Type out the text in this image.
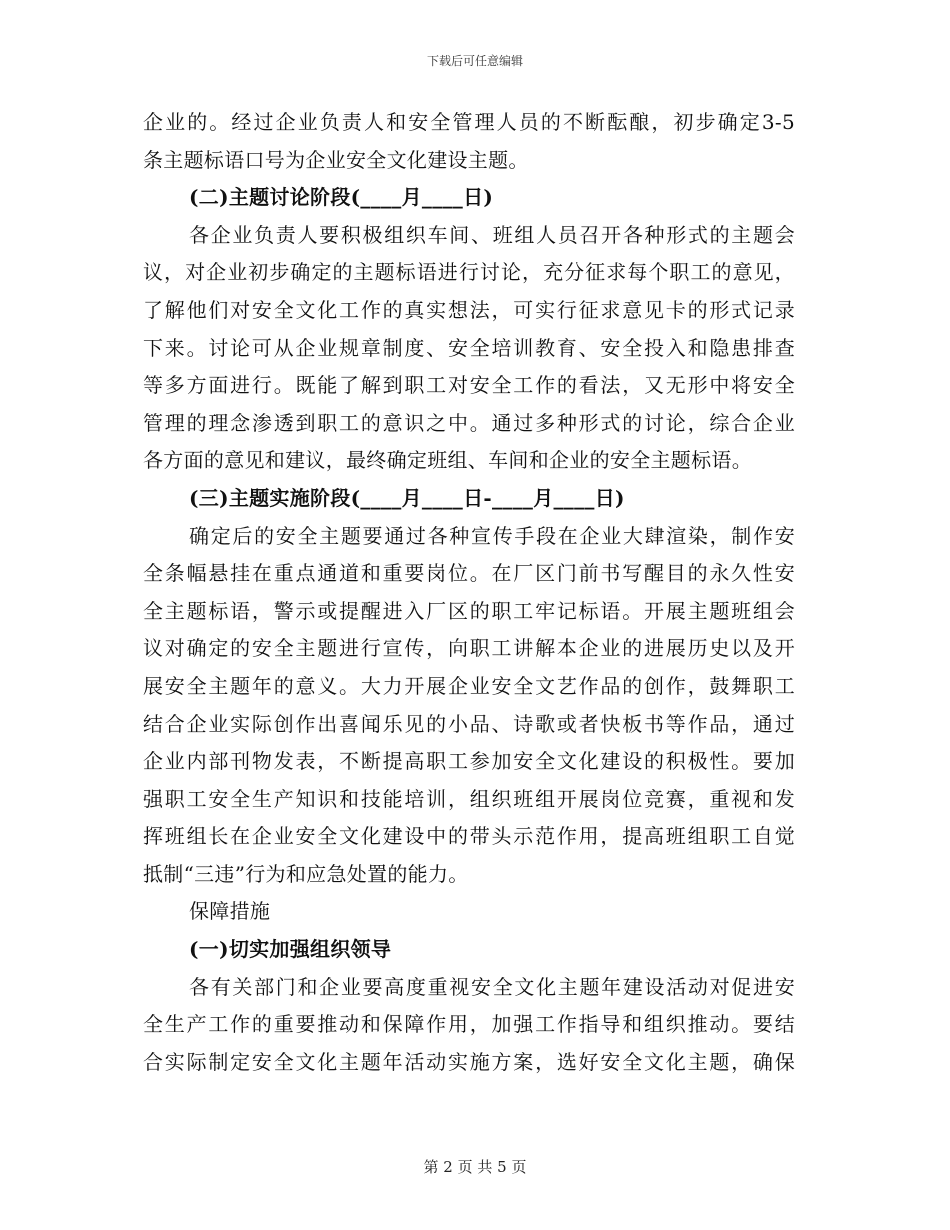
下载后可任意编辑
企业的。经过企业负责人和安全管理人员的不断酝酿，初步确定3-5
条主题标语口号为企业安全文化建设主题。
(二)主题讨论阶段(____月____日)
各企业负责人要积极组织车间、班组人员召开各种形式的主题会
议，对企业初步确定的主题标语进行讨论，充分征求每个职工的意见，
了解他们对安全文化工作的真实想法，可实行征求意见卡的形式记录
下来。讨论可从企业规章制度、安全培训教育、安全投入和隐患排查
等多方面进行。既能了解到职工对安全工作的看法，又无形中将安全
管理的理念渗透到职工的意识之中。通过多种形式的讨论，综合企业
各方面的意见和建议，最终确定班组、车间和企业的安全主题标语。
(三)主题实施阶段(____月____日-____月____日)
确定后的安全主题要通过各种宣传手段在企业大肆渲染，制作安
全条幅悬挂在重点通道和重要岗位。在厂区门前书写醒目的永久性安
全主题标语，警示或提醒进入厂区的职工牢记标语。开展主题班组会
议对确定的安全主题进行宣传，向职工讲解本企业的进展历史以及开
展安全主题年的意义。大力开展企业安全文艺作品的创作，鼓舞职工
结合企业实际创作出喜闻乐见的小品、诗歌或者快板书等作品，通过
企业内部刊物发表，不断提高职工参加安全文化建设的积极性。要加
强职工安全生产知识和技能培训，组织班组开展岗位竞赛，重视和发
挥班组长在企业安全文化建设中的带头示范作用，提高班组职工自觉
抵制“三违”行为和应急处置的能力。
保障措施
(一)切实加强组织领导
各有关部门和企业要高度重视安全文化主题年建设活动对促进安
全生产工作的重要推动和保障作用，加强工作指导和组织推动。要结
合实际制定安全文化主题年活动实施方案，选好安全文化主题，确保
第 2 页 共 5 页
